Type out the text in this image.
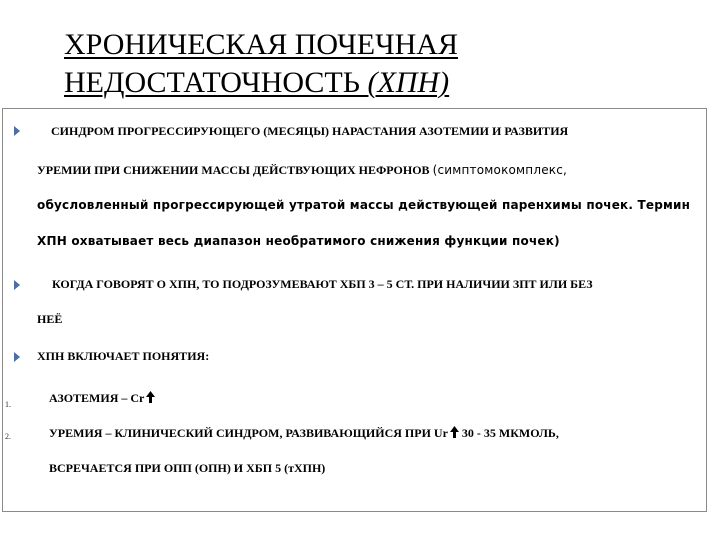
ХРОНИЧЕСКАЯ ПОЧЕЧНАЯ
НЕДОСТАТОЧНОСТЬ (ХПН)
СИНДРОМ ПРОГРЕССИРУЮЩЕГО (МЕСЯЦЫ) НАРАСТАНИЯ АЗОТЕМИИ И РАЗВИТИЯ
УРЕМИИ ПРИ СНИЖЕНИИ МАССЫ ДЕЙСТВУЮЩИХ НЕФРОНОВ (симптомокомплекс,
обусловленный прогрессирующей утратой массы действующей паренхимы почек. Термин
ХПН охватывает весь диапазон необратимого снижения функции почек)
КОГДА ГОВОРЯТ О ХПН, ТО ПОДРОЗУМЕВАЮТ ХБП 3 – 5 СТ. ПРИ НАЛИЧИИ ЗПТ ИЛИ БЕЗ
НЕЁ
ХПН ВКЛЮЧАЕТ ПОНЯТИЯ:
1.	АЗОТЕМИЯ – Cr
2.	УРЕМИЯ – КЛИНИЧЕСКИЙ СИНДРОМ, РАЗВИВАЮЩИЙСЯ ПРИ Ur 30 - 35 МКМОЛЬ,
ВСРЕЧАЕТСЯ ПРИ ОПП (ОПН) И ХБП 5 (тХПН)
